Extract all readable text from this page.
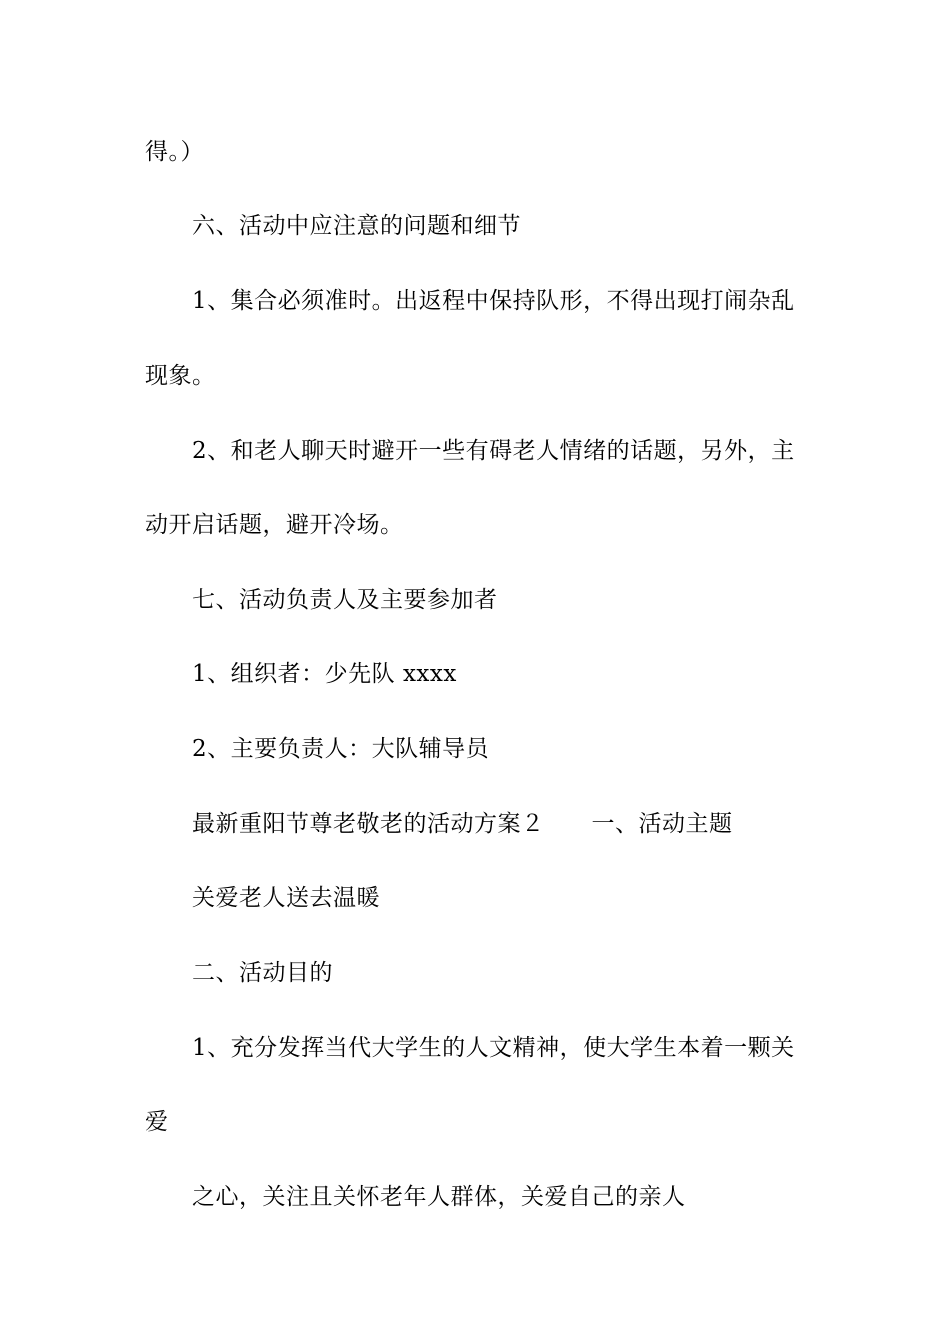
得。）
六、活动中应注意的问题和细节
1、集合必须准时。出返程中保持队形，不得出现打闹杂乱
现象。
2、和老人聊天时避开一些有碍老人情绪的话题，另外，主
动开启话题，避开冷场。
七、活动负责人及主要参加者
1、组织者：少先队 xxxx
2、主要负责人：大队辅导员
最新重阳节尊老敬老的活动方案２　　一、活动主题
关爱老人送去温暖
二、活动目的
1、充分发挥当代大学生的人文精神，使大学生本着一颗关
爱
之心，关注且关怀老年人群体，关爱自己的亲人
